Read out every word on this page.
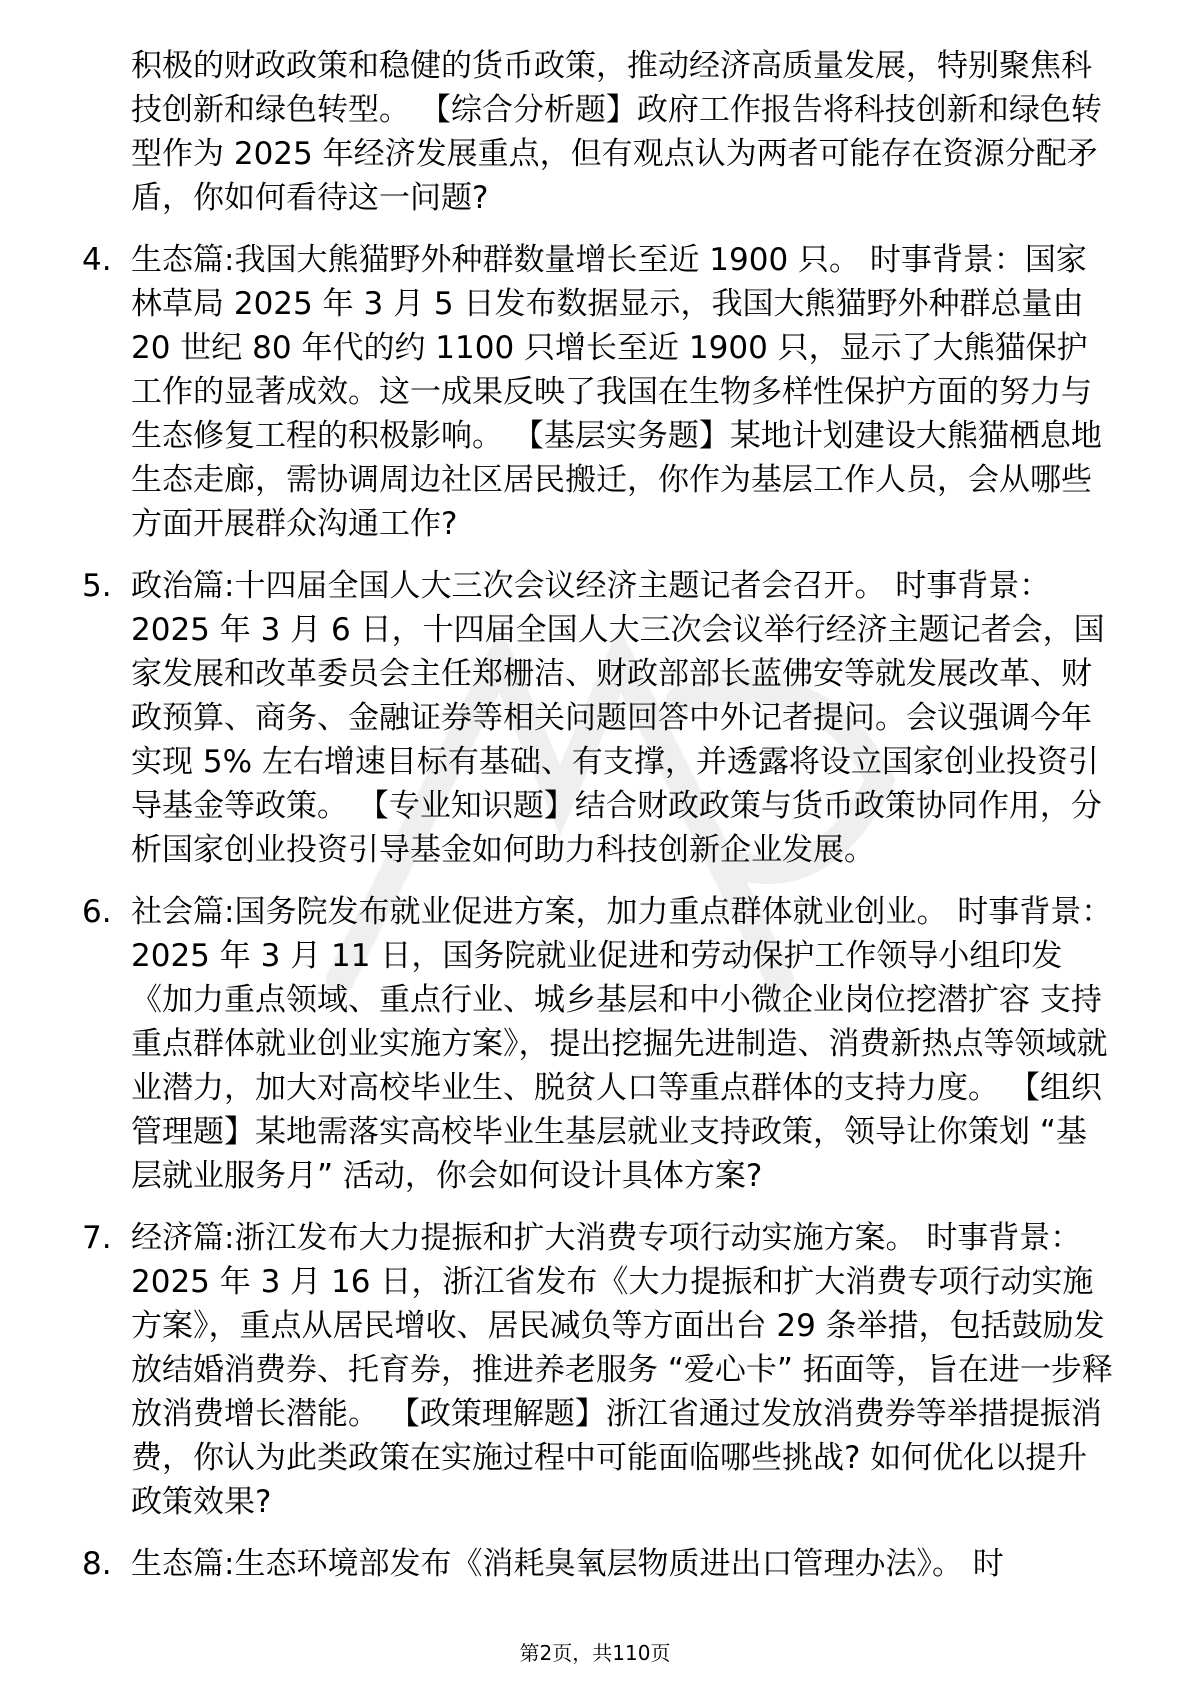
积极的财政政策和稳健的货币政策，推动经济高质量发展，特别聚焦科技创新和绿色转型。 【综合分析题】政府工作报告将科技创新和绿色转型作为 2025 年经济发展重点，但有观点认为两者可能存在资源分配矛盾，你如何看待这一问题?

4. 生态篇:我国大熊猫野外种群数量增长至近 1900 只。 时事背景：国家林草局 2025 年 3 月 5 日发布数据显示，我国大熊猫野外种群总量由 20 世纪 80 年代的约 1100 只增长至近 1900 只，显示了大熊猫保护工作的显著成效。这一成果反映了我国在生物多样性保护方面的努力与生态修复工程的积极影响。 【基层实务题】某地计划建设大熊猫栖息地生态走廊，需协调周边社区居民搬迁，你作为基层工作人员，会从哪些方面开展群众沟通工作?
5. 政治篇:十四届全国人大三次会议经济主题记者会召开。 时事背景：2025 年 3 月 6 日，十四届全国人大三次会议举行经济主题记者会，国家发展和改革委员会主任郑栅洁、财政部部长蓝佛安等就发展改革、财政预算、商务、金融证券等相关问题回答中外记者提问。会议强调今年实现 5% 左右增速目标有基础、有支撑，并透露将设立国家创业投资引导基金等政策。 【专业知识题】结合财政政策与货币政策协同作用，分析国家创业投资引导基金如何助力科技创新企业发展。
6. 社会篇:国务院发布就业促进方案，加力重点群体就业创业。 时事背景：2025 年 3 月 11 日，国务院就业促进和劳动保护工作领导小组印发《加力重点领域、重点行业、城乡基层和中小微企业岗位挖潜扩容 支持重点群体就业创业实施方案》，提出挖掘先进制造、消费新热点等领域就业潜力，加大对高校毕业生、脱贫人口等重点群体的支持力度。 【组织管理题】某地需落实高校毕业生基层就业支持政策，领导让你策划 “基层就业服务月” 活动，你会如何设计具体方案?
7. 经济篇:浙江发布大力提振和扩大消费专项行动实施方案。 时事背景：2025 年 3 月 16 日，浙江省发布《大力提振和扩大消费专项行动实施方案》，重点从居民增收、居民减负等方面出台 29 条举措，包括鼓励发放结婚消费券、托育券，推进养老服务 “爱心卡” 拓面等，旨在进一步释放消费增长潜能。 【政策理解题】浙江省通过发放消费券等举措提振消费，你认为此类政策在实施过程中可能面临哪些挑战? 如何优化以提升政策效果?
8. 生态篇:生态环境部发布《消耗臭氧层物质进出口管理办法》。 时
第2页，共110页
